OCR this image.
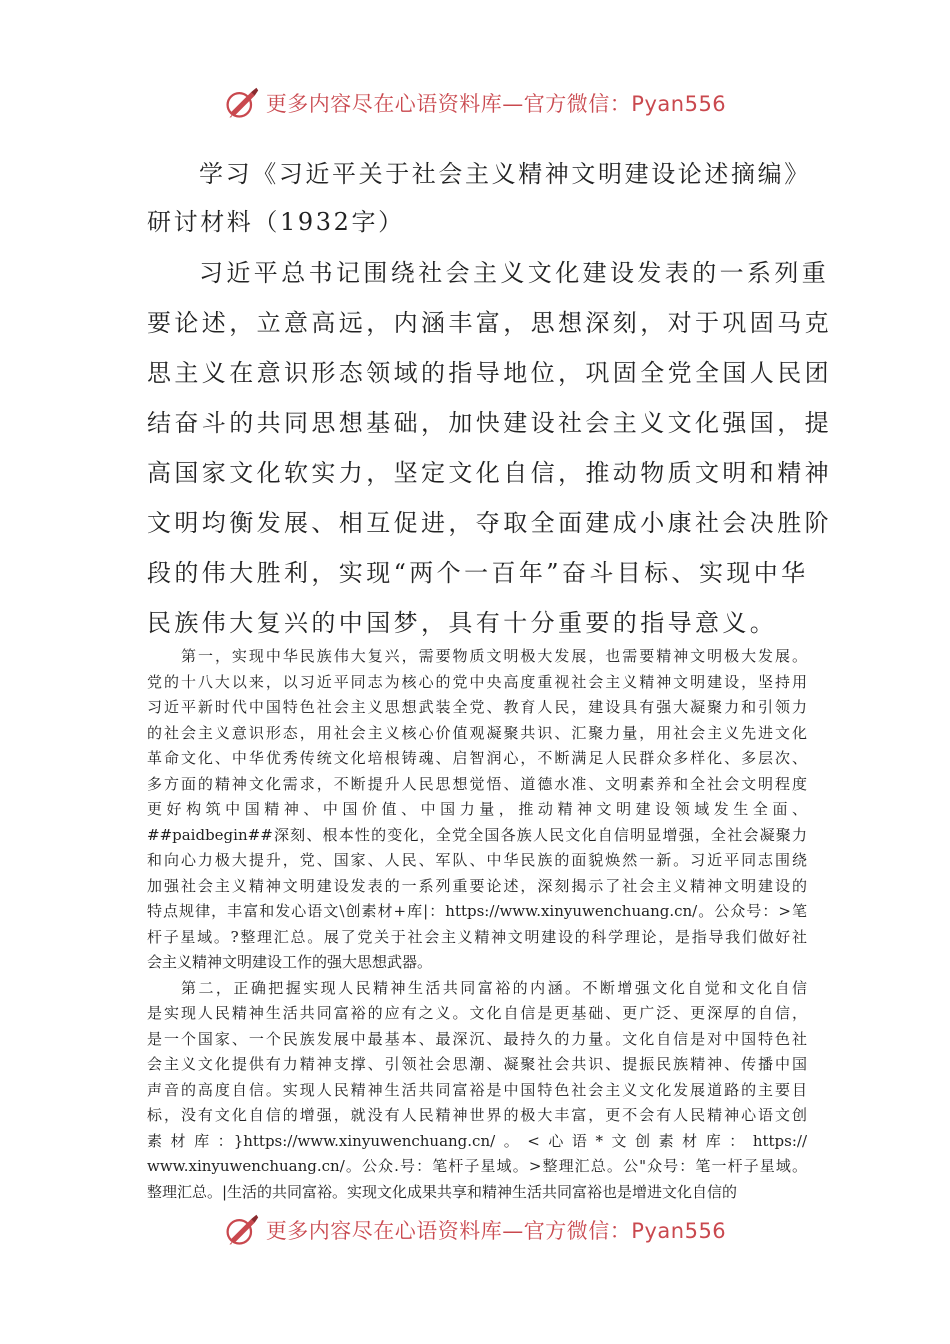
更多内容尽在心语资料库—官方微信：Pyan556
学习《习近平关于社会主义精神文明建设论述摘编》
研讨材料（1932字）
习近平总书记围绕社会主义文化建设发表的一系列重
要论述，立意高远，内涵丰富，思想深刻，对于巩固马克
思主义在意识形态领域的指导地位，巩固全党全国人民团
结奋斗的共同思想基础，加快建设社会主义文化强国，提
高国家文化软实力，坚定文化自信，推动物质文明和精神
文明均衡发展、相互促进，夺取全面建成小康社会决胜阶
段的伟大胜利，实现“两个一百年”奋斗目标、实现中华
民族伟大复兴的中国梦，具有十分重要的指导意义。

第一，实现中华民族伟大复兴，需要物质文明极大发展，也需要精神文明极大发展。
党的十八大以来，以习近平同志为核心的党中央高度重视社会主义精神文明建设，坚持用
习近平新时代中国特色社会主义思想武装全党、教育人民，建设具有强大凝聚力和引领力
的社会主义意识形态，用社会主义核心价值观凝聚共识、汇聚力量，用社会主义先进文化
革命文化、中华优秀传统文化培根铸魂、启智润心，不断满足人民群众多样化、多层次、
多方面的精神文化需求，不断提升人民思想觉悟、道德水准、文明素养和全社会文明程度
更好构筑中国精神、中国价值、中国力量，推动精神文明建设领域发生全面、
##paidbegin##深刻、根本性的变化，全党全国各族人民文化自信明显增强，全社会凝聚力
和向心力极大提升，党、国家、人民、军队、中华民族的面貌焕然一新。习近平同志围绕
加强社会主义精神文明建设发表的一系列重要论述，深刻揭示了社会主义精神文明建设的
特点规律，丰富和发心语文\创素材+库|：https://www.xinyuwenchuang.cn/。公众号：>笔
杆子星域。?整理汇总。展了党关于社会主义精神文明建设的科学理论，是指导我们做好社
会主义精神文明建设工作的强大思想武器。

第二，正确把握实现人民精神生活共同富裕的内涵。不断增强文化自觉和文化自信
是实现人民精神生活共同富裕的应有之义。文化自信是更基础、更广泛、更深厚的自信，
是一个国家、一个民族发展中最基本、最深沉、最持久的力量。文化自信是对中国特色社
会主义文化提供有力精神支撑、引领社会思潮、凝聚社会共识、提振民族精神、传播中国
声音的高度自信。实现人民精神生活共同富裕是中国特色社会主义文化发展道路的主要目
标，没有文化自信的增强，就没有人民精神世界的极大丰富，更不会有人民精神心语文创
素材库：}https://www.xinyuwenchuang.cn/。<心语*文创素材库：https://
www.xinyuwenchuang.cn/。公众.号：笔杆子星域。>整理汇总。公"众号：笔一杆子星域。
整理汇总。|生活的共同富裕。实现文化成果共享和精神生活共同富裕也是增进文化自信的

更多内容尽在心语资料库—官方微信：Pyan556
